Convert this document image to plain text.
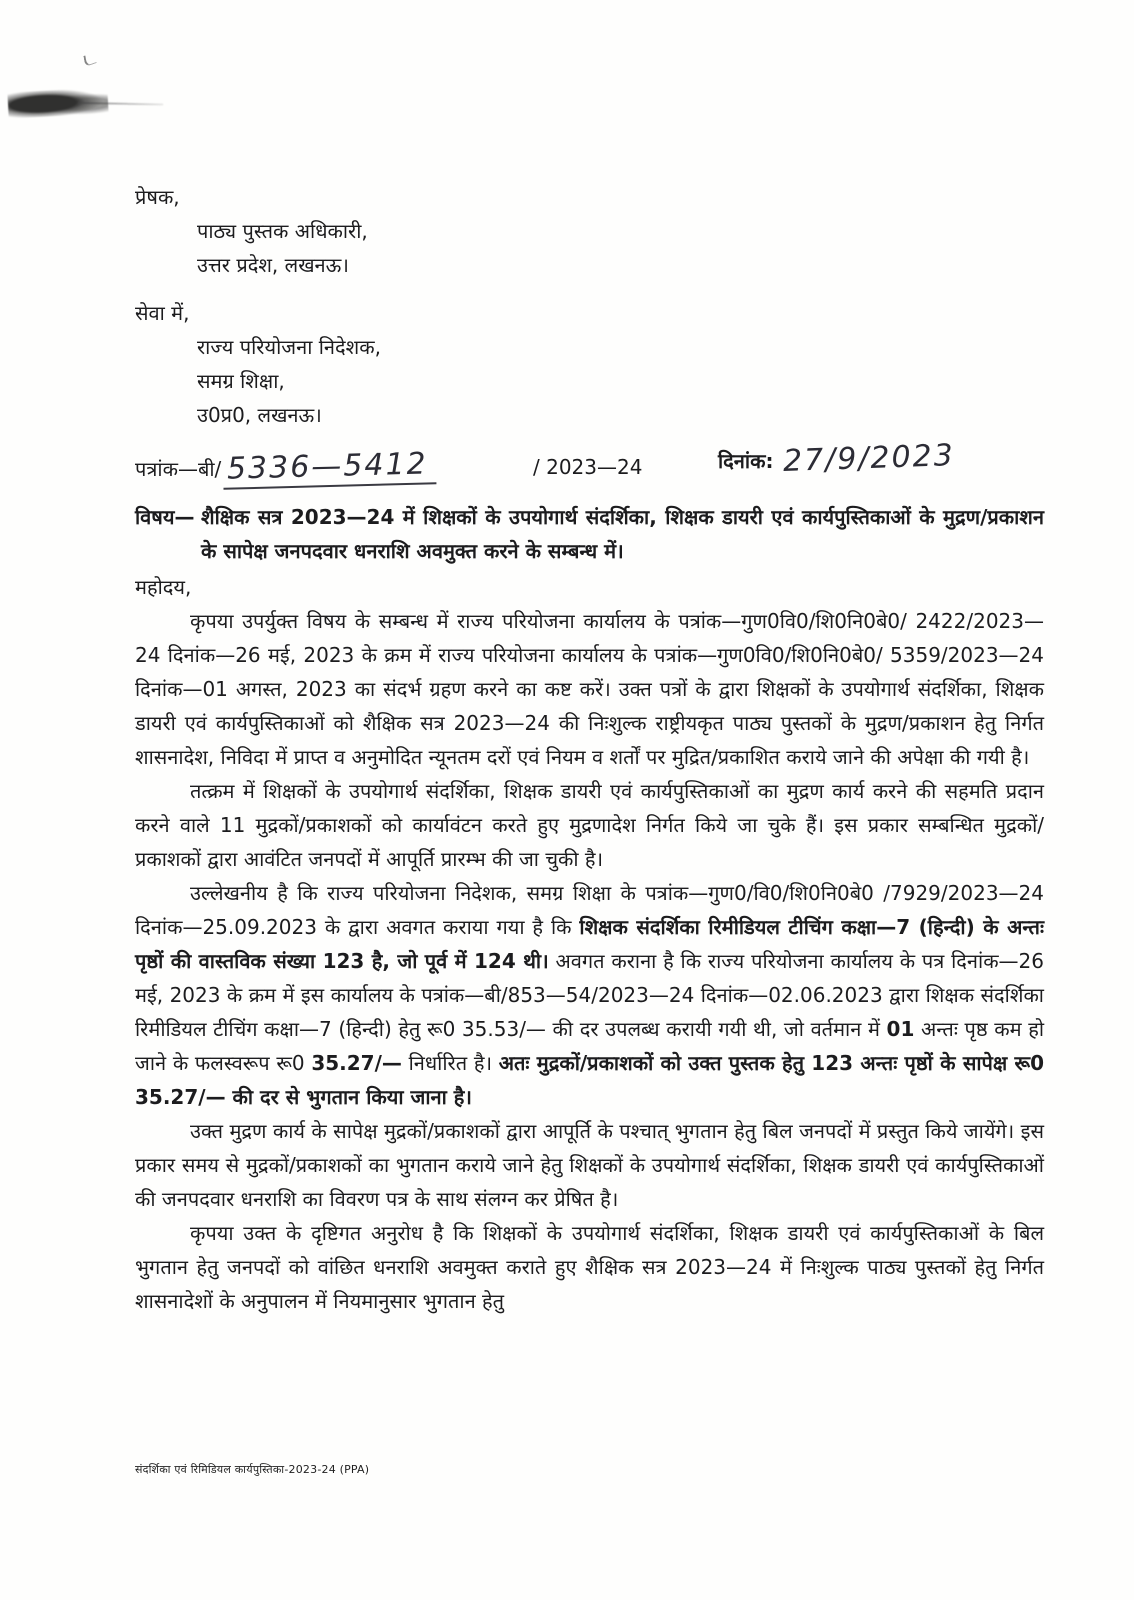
प्रेषक,
पाठ्य पुस्तक अधिकारी,
उत्तर प्रदेश, लखनऊ।
सेवा में,
राज्य परियोजना निदेशक,
समग्र शिक्षा,
उ0प्र0, लखनऊ।
पत्रांक—बी/ 5336—5412	/ 2023—24	दिनांक: 27/9/2023
विषय— शैक्षिक सत्र 2023—24 में शिक्षकों के उपयोगार्थ संदर्शिका, शिक्षक डायरी एवं कार्यपुस्तिकाओं के मुद्रण/प्रकाशन के सापेक्ष जनपदवार धनराशि अवमुक्त करने के सम्बन्ध में।
महोदय,

कृपया उपर्युक्त विषय के सम्बन्ध में राज्य परियोजना कार्यालय के पत्रांक—गुण0वि0/शि0नि0बे0/ 2422/2023—24 दिनांक—26 मई, 2023 के क्रम में राज्य परियोजना कार्यालय के पत्रांक—गुण0वि0/शि0नि0बे0/ 5359/2023—24 दिनांक—01 अगस्त, 2023 का संदर्भ ग्रहण करने का कष्ट करें। उक्त पत्रों के द्वारा शिक्षकों के उपयोगार्थ संदर्शिका, शिक्षक डायरी एवं कार्यपुस्तिकाओं को शैक्षिक सत्र 2023—24 की निःशुल्क राष्ट्रीयकृत पाठ्य पुस्तकों के मुद्रण/प्रकाशन हेतु निर्गत शासनादेश, निविदा में प्राप्त व अनुमोदित न्यूनतम दरों एवं नियम व शर्तों पर मुद्रित/प्रकाशित कराये जाने की अपेक्षा की गयी है।

तत्क्रम में शिक्षकों के उपयोगार्थ संदर्शिका, शिक्षक डायरी एवं कार्यपुस्तिकाओं का मुद्रण कार्य करने की सहमति प्रदान करने वाले 11 मुद्रकों/प्रकाशकों को कार्यावंटन करते हुए मुद्रणादेश निर्गत किये जा चुके हैं। इस प्रकार सम्बन्धित मुद्रकों/प्रकाशकों द्वारा आवंटित जनपदों में आपूर्ति प्रारम्भ की जा चुकी है।

उल्लेखनीय है कि राज्य परियोजना निदेशक, समग्र शिक्षा के पत्रांक—गुण0/वि0/शि0नि0बे0 /7929/2023—24 दिनांक—25.09.2023 के द्वारा अवगत कराया गया है कि शिक्षक संदर्शिका रिमीडियल टीचिंग कक्षा—7 (हिन्दी) के अन्तः पृष्ठों की वास्तविक संख्या 123 है, जो पूर्व में 124 थी। अवगत कराना है कि राज्य परियोजना कार्यालय के पत्र दिनांक—26 मई, 2023 के क्रम में इस कार्यालय के पत्रांक—बी/853—54/2023—24 दिनांक—02.06.2023 द्वारा शिक्षक संदर्शिका रिमीडियल टीचिंग कक्षा—7 (हिन्दी) हेतु रू0 35.53/— की दर उपलब्ध करायी गयी थी, जो वर्तमान में 01 अन्तः पृष्ठ कम हो जाने के फलस्वरूप रू0 35.27/— निर्धारित है। अतः मुद्रकों/प्रकाशकों को उक्त पुस्तक हेतु 123 अन्तः पृष्ठों के सापेक्ष रू0 35.27/— की दर से भुगतान किया जाना है।

उक्त मुद्रण कार्य के सापेक्ष मुद्रकों/प्रकाशकों द्वारा आपूर्ति के पश्चात् भुगतान हेतु बिल जनपदों में प्रस्तुत किये जायेंगे। इस प्रकार समय से मुद्रकों/प्रकाशकों का भुगतान कराये जाने हेतु शिक्षकों के उपयोगार्थ संदर्शिका, शिक्षक डायरी एवं कार्यपुस्तिकाओं की जनपदवार धनराशि का विवरण पत्र के साथ संलग्न कर प्रेषित है।

कृपया उक्त के दृष्टिगत अनुरोध है कि शिक्षकों के उपयोगार्थ संदर्शिका, शिक्षक डायरी एवं कार्यपुस्तिकाओं के बिल भुगतान हेतु जनपदों को वांछित धनराशि अवमुक्त कराते हुए शैक्षिक सत्र 2023—24 में निःशुल्क पाठ्य पुस्तकों हेतु निर्गत शासनादेशों के अनुपालन में नियमानुसार भुगतान हेतु

संदर्शिका एवं रिमिडियल कार्यपुस्तिका-2023-24 (PPA)
